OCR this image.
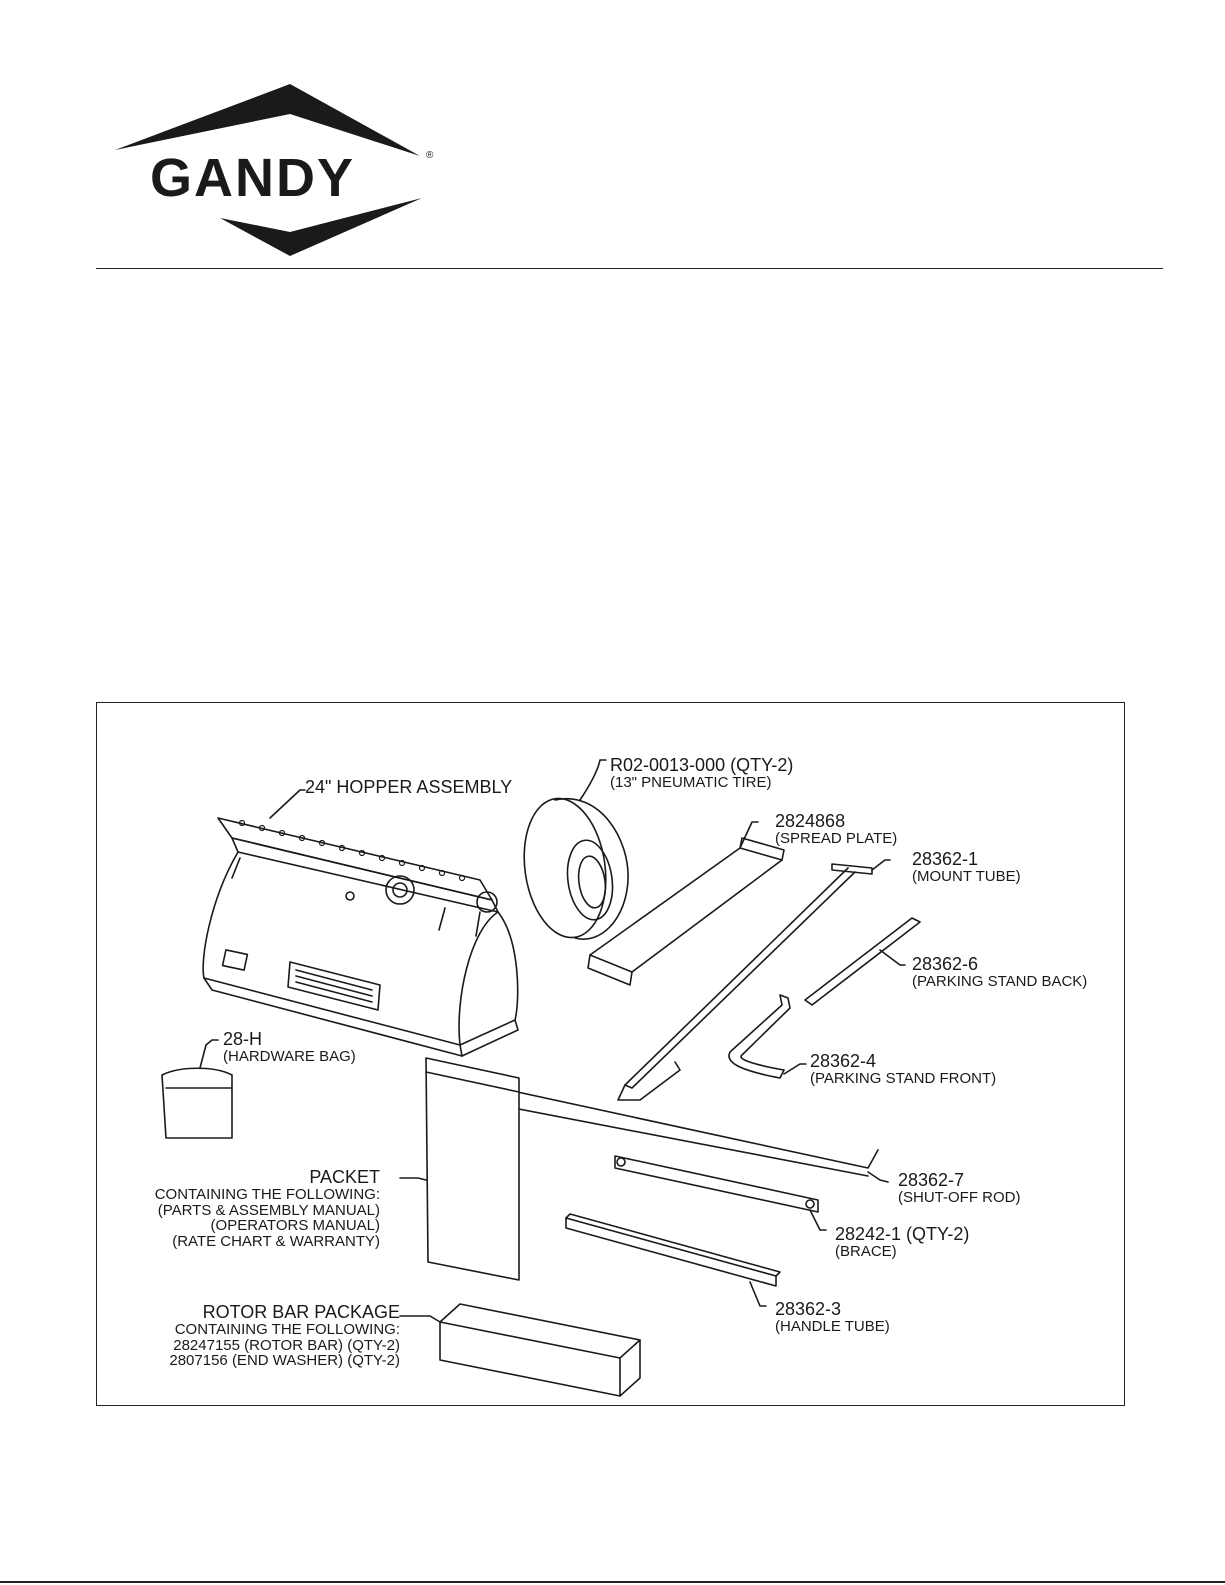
GANDY	®
24" HOPPER ASSEMBLY
R02-0013-000 (QTY-2)
(13" PNEUMATIC TIRE)
2824868
(SPREAD PLATE)
28362-1
(MOUNT TUBE)
28362-6
(PARKING STAND BACK)
28362-4
(PARKING STAND FRONT)
28-H
(HARDWARE BAG)
PACKET
CONTAINING THE FOLLOWING:
(PARTS & ASSEMBLY MANUAL)
(OPERATORS MANUAL)
(RATE CHART & WARRANTY)
28362-7
(SHUT-OFF ROD)
28242-1 (QTY-2)
(BRACE)
28362-3
(HANDLE TUBE)
ROTOR BAR PACKAGE
CONTAINING THE FOLLOWING:
28247155 (ROTOR BAR) (QTY-2)
2807156 (END WASHER) (QTY-2)
